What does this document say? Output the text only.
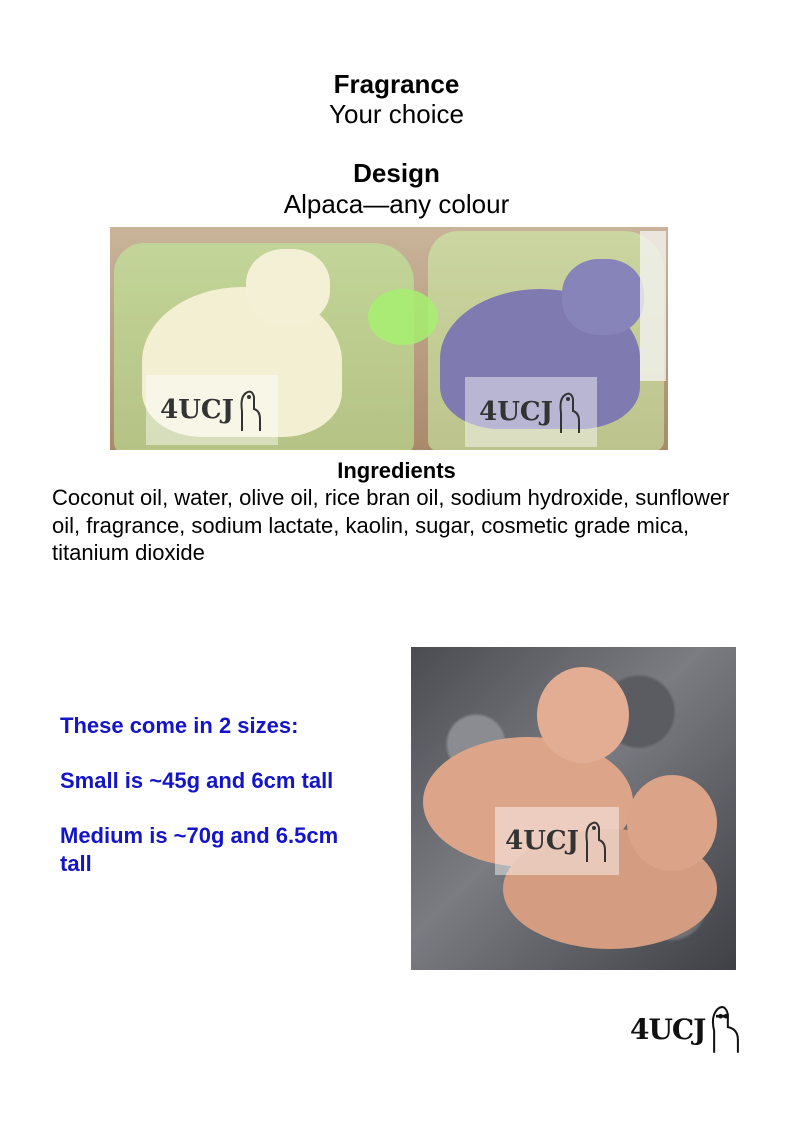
Fragrance
Your choice
Design
Alpaca—any colour
4UCJ	4UCJ
Ingredients
Coconut oil, water, olive oil, rice bran oil, sodium hydroxide, sunflower oil, fragrance, sodium lactate, kaolin, sugar, cosmetic grade mica, titanium dioxide

These come in 2 sizes:

Small is ~45g and 6cm tall

Medium is ~70g and 6.5cm tall

4UCJ
4UCJ
